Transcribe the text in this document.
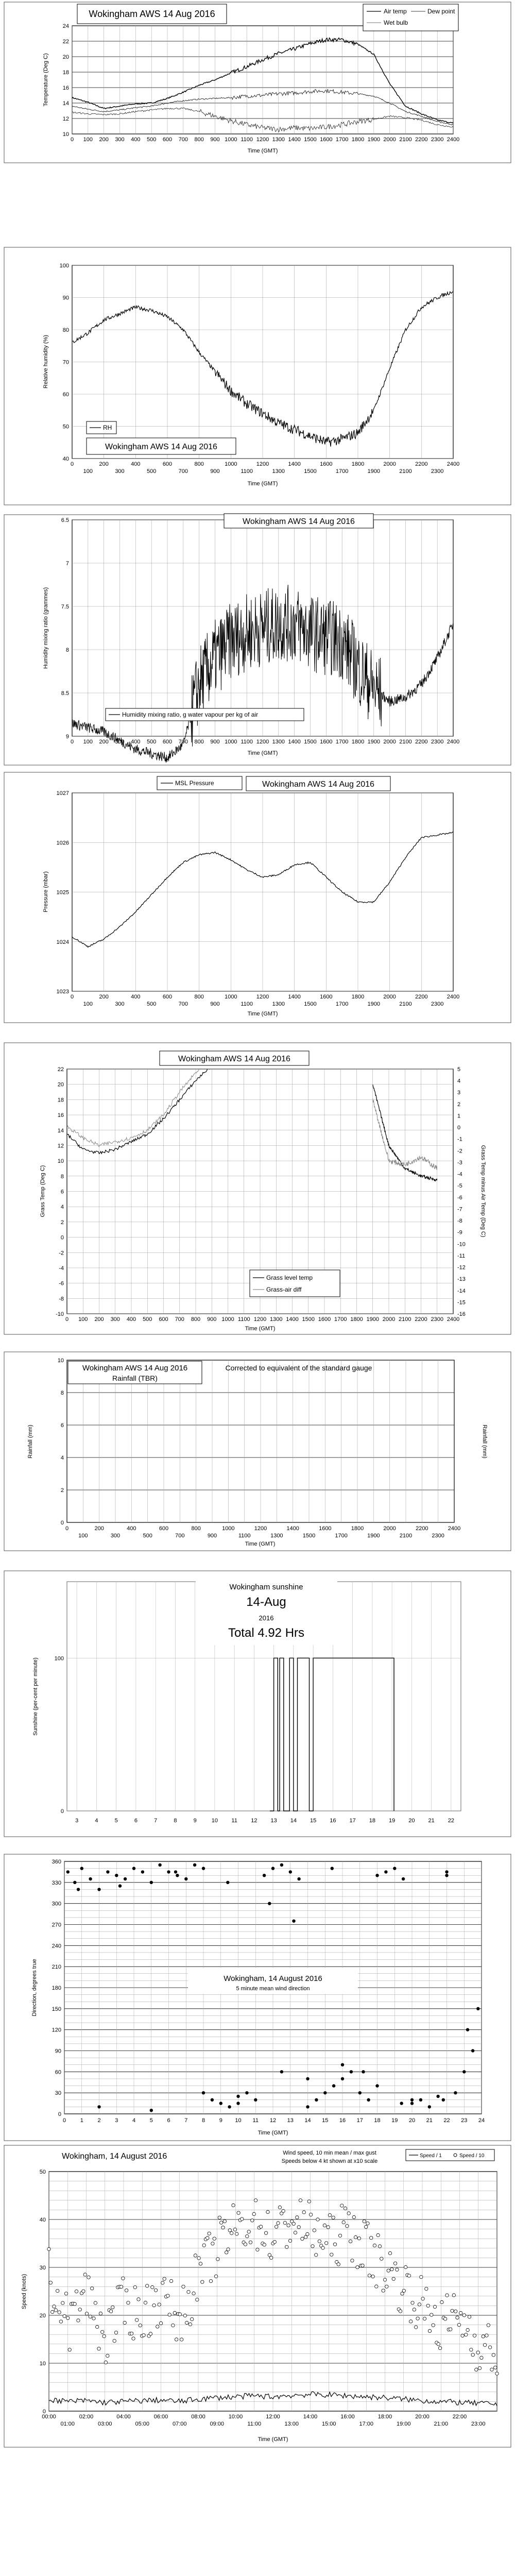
10
12
14
16
18
20
22
24
0 100 200 300 400 500 600 700 800 900 1000 1100 1200 1300 1400 1500 1600 1700 1800 1900 2000 2100 2200 2300 2400
Wokingham AWS 14 Aug 2016	Air temp	Dew point
Wet bulb
Temperature (Deg C)
Time (GMT)
40
50
60
70
80
90
100
0	200	400	600	800	1000	1200	1400	1600	1800	2000	2200	2400
100	300	500	700	900	1100	1300	1500	1700	1900	2100	2300
RH
Wokingham AWS 14 Aug 2016
Relative humidity (%)
Time (GMT)
9
8.5
8
7.5
7
6.5
0 100 200 300 400 500 600 700 800 900 1000 1100 1200 1300 1400 1500 1600 1700 1800 1900 2000 2100 2200 2300 2400
Wokingham AWS 14 Aug 2016
Humidity mixing ratio, g water vapour per kg of air
Humidity mixing ratio (grammes)
Time (GMT)
1023
1024
1025
1026
1027
0	200	400	600	800	1000	1200	1400	1600	1800	2000	2200	2400
100	300	500	700	900	1100	1300	1500	1700	1900	2100	2300
MSL Pressure	Wokingham AWS 14 Aug 2016
Pressure (mbar)
Time (GMT)
-10
-8
-6
-4
-2
0
2
4
6
8
10
12
14
16
18
20
22
-16
-15
-14
-13
-12
-11
-10
-9
-8
-7
-6
-5
-4
-3
-2
-1
0
1
2
3
4
5
0 100 200 300 400 500 600 700 800 900 1000 1100 1200 1300 1400 1500 1600 1700 1800 1900 2000 2100 2200 2300 2400
Wokingham AWS 14 Aug 2016
Grass level temp
Grass-air diff
Grass Temp (Deg C)	Grass Temp minus Air Temp (Deg C)
Time (GMT)
0
2
4
6
8
10
0	200	400	600	800	1000	1200	1400	1600	1800	2000	2200	2400
100	300	500	700	900	1100	1300	1500	1700	1900	2100	2300
Wokingham AWS 14 Aug 2016
Rainfall (TBR)
Corrected to equivalent of the standard gauge
Rainfall (mm)	Rainfall (mm)
Time (GMT)
Wokingham sunshine
14-Aug
2016
Total 4.92 Hrs
100
0
3	4	5	6	7	8	9	10 11 12 13 14 15 16 17 18 19 20 21 22
Sunshine (per-cent per minute)
Wokingham, 14 August 2016
5 minute mean wind direction
0
30
60
90
120
150
180
210
240
270
300
330
360
0	1	2	3	4	5	6	7	8	9 10 11 12 13 14 15 16 17 18 19 20 21 22 23 24
Direction, degrees true
Time (GMT)
0
10
20
30
40
50
00:00	02:00	04:00	06:00	08:00	10:00	12:00	14:00	16:00	18:00	20:00	22:00
01:00	03:00	05:00	07:00	09:00	11:00	13:00	15:00	17:00	19:00	21:00	23:00
Wokingham, 14 August 2016	Wind speed, 10 min mean / max gust
Speeds below 4 kt shown at x10 scale
Speed / 1	Speed / 10
Speed (knots)
Time (GMT)
